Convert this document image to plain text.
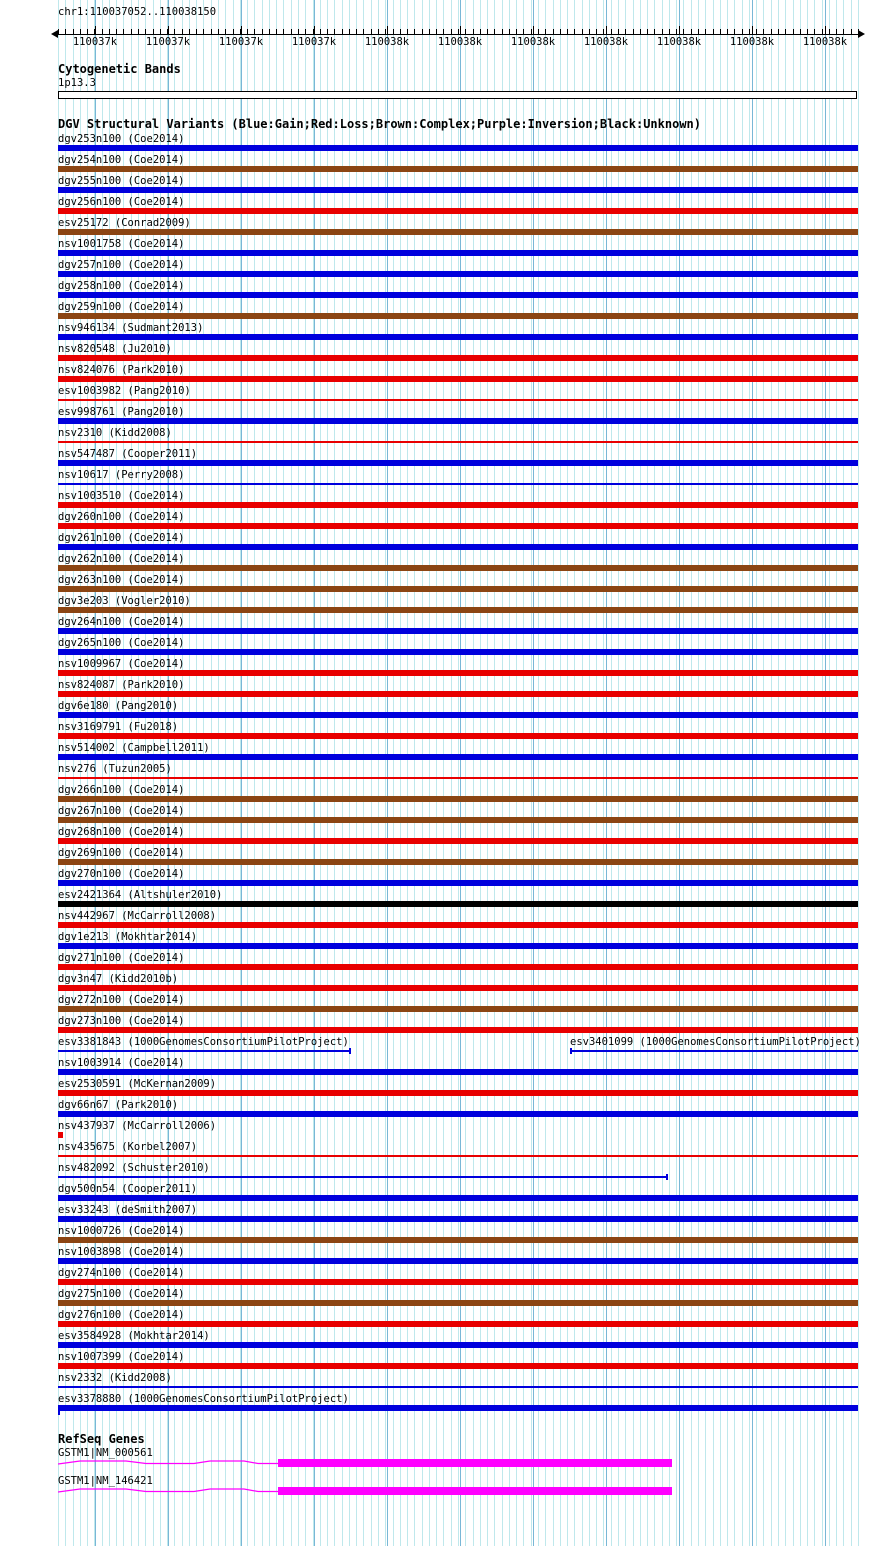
chr1:110037052..110038150
110037k	110037k	110037k	110037k	110038k	110038k	110038k	110038k	110038k	110038k	110038k
Cytogenetic Bands
1p13.3
DGV Structural Variants (Blue:Gain;Red:Loss;Brown:Complex;Purple:Inversion;Black:Unknown)
dgv253n100 (Coe2014)
dgv254n100 (Coe2014)
dgv255n100 (Coe2014)
dgv256n100 (Coe2014)
esv25172 (Conrad2009)
nsv1001758 (Coe2014)
dgv257n100 (Coe2014)
dgv258n100 (Coe2014)
dgv259n100 (Coe2014)
nsv946134 (Sudmant2013)
nsv820548 (Ju2010)
nsv824076 (Park2010)
esv1003982 (Pang2010)
esv998761 (Pang2010)
nsv2310 (Kidd2008)
nsv547487 (Cooper2011)
nsv10617 (Perry2008)
nsv1003510 (Coe2014)
dgv260n100 (Coe2014)
dgv261n100 (Coe2014)
dgv262n100 (Coe2014)
dgv263n100 (Coe2014)
dgv3e203 (Vogler2010)
dgv264n100 (Coe2014)
dgv265n100 (Coe2014)
nsv1009967 (Coe2014)
nsv824087 (Park2010)
dgv6e180 (Pang2010)
nsv3169791 (Fu2018)
nsv514002 (Campbell2011)
nsv276 (Tuzun2005)
dgv266n100 (Coe2014)
dgv267n100 (Coe2014)
dgv268n100 (Coe2014)
dgv269n100 (Coe2014)
dgv270n100 (Coe2014)
esv2421364 (Altshuler2010)
nsv442967 (McCarroll2008)
dgv1e213 (Mokhtar2014)
dgv271n100 (Coe2014)
dgv3n47 (Kidd2010b)
dgv272n100 (Coe2014)
dgv273n100 (Coe2014)
esv3381843 (1000GenomesConsortiumPilotProject)	esv3401099 (1000GenomesConsortiumPilotProject)
nsv1003914 (Coe2014)
esv2530591 (McKernan2009)
dgv66n67 (Park2010)
nsv437937 (McCarroll2006)
nsv435675 (Korbel2007)
nsv482092 (Schuster2010)
dgv500n54 (Cooper2011)
esv33243 (deSmith2007)
nsv1000726 (Coe2014)
nsv1003898 (Coe2014)
dgv274n100 (Coe2014)
dgv275n100 (Coe2014)
dgv276n100 (Coe2014)
esv3584928 (Mokhtar2014)
nsv1007399 (Coe2014)
nsv2332 (Kidd2008)
esv3378880 (1000GenomesConsortiumPilotProject)
RefSeq Genes
GSTM1|NM_000561
GSTM1|NM_146421
